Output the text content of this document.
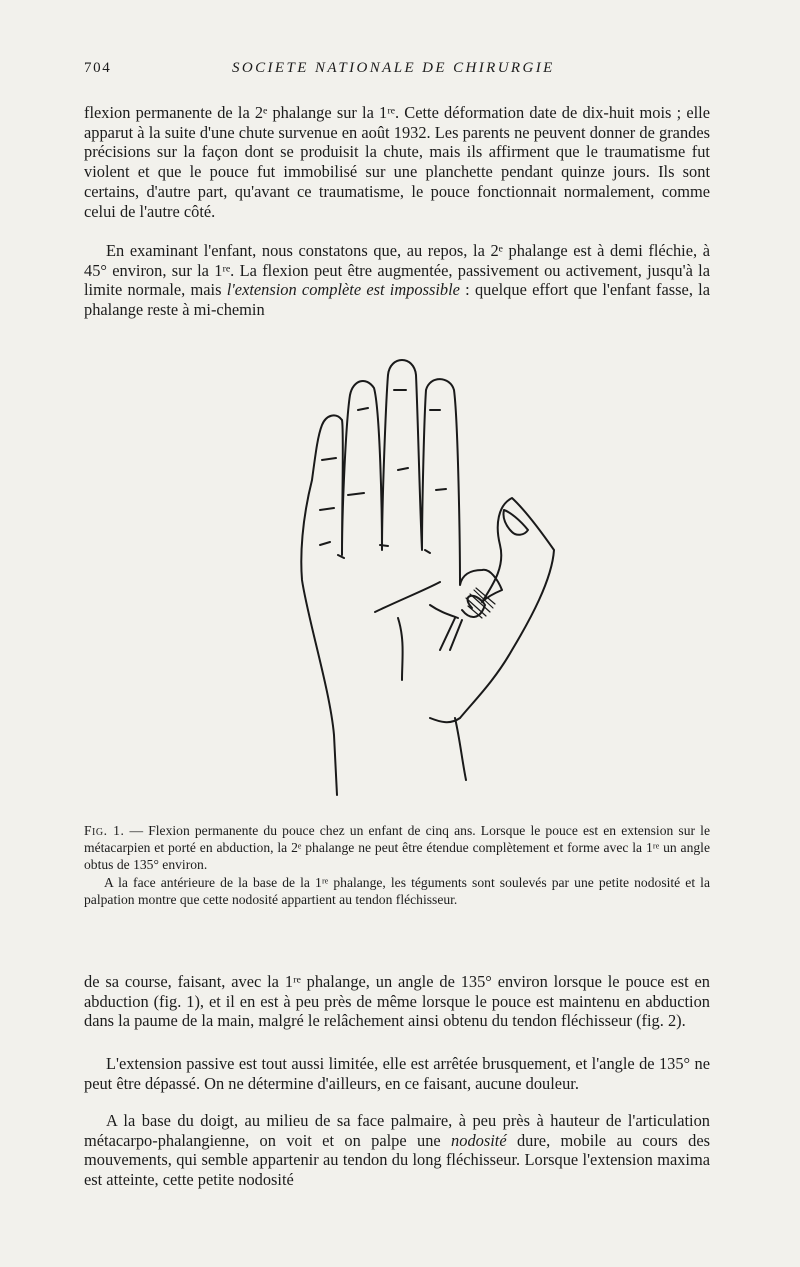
704	SOCIETE NATIONALE DE CHIRURGIE

flexion permanente de la 2ᵉ phalange sur la 1ʳᵉ. Cette déformation date de dix-huit mois ; elle apparut à la suite d'une chute survenue en août 1932. Les parents ne peuvent donner de grandes précisions sur la façon dont se produisit la chute, mais ils affirment que le traumatisme fut violent et que le pouce fut immobilisé sur une planchette pendant quinze jours. Ils sont certains, d'autre part, qu'avant ce traumatisme, le pouce fonctionnait normalement, comme celui de l'autre côté.

En examinant l'enfant, nous constatons que, au repos, la 2ᵉ phalange est à demi fléchie, à 45° environ, sur la 1ʳᵉ. La flexion peut être augmentée, passivement ou activement, jusqu'à la limite normale, mais l'extension complète est impossible : quelque effort que l'enfant fasse, la phalange reste à mi-chemin

Fig. 1. — Flexion permanente du pouce chez un enfant de cinq ans. Lorsque le pouce est en extension sur le métacarpien et porté en abduction, la 2ᵉ phalange ne peut être étendue complètement et forme avec la 1ʳᵉ un angle obtus de 135° environ.

A la face antérieure de la base de la 1ʳᵉ phalange, les téguments sont soulevés par une petite nodosité et la palpation montre que cette nodosité appartient au tendon fléchisseur.

de sa course, faisant, avec la 1ʳᵉ phalange, un angle de 135° environ lorsque le pouce est en abduction (fig. 1), et il en est à peu près de même lorsque le pouce est maintenu en abduction dans la paume de la main, malgré le relâchement ainsi obtenu du tendon fléchisseur (fig. 2).

L'extension passive est tout aussi limitée, elle est arrêtée brusquement, et l'angle de 135° ne peut être dépassé. On ne détermine d'ailleurs, en ce faisant, aucune douleur.

A la base du doigt, au milieu de sa face palmaire, à peu près à hauteur de l'articulation métacarpo-phalangienne, on voit et on palpe une nodosité dure, mobile au cours des mouvements, qui semble appartenir au tendon du long fléchisseur. Lorsque l'extension maxima est atteinte, cette petite nodosité
